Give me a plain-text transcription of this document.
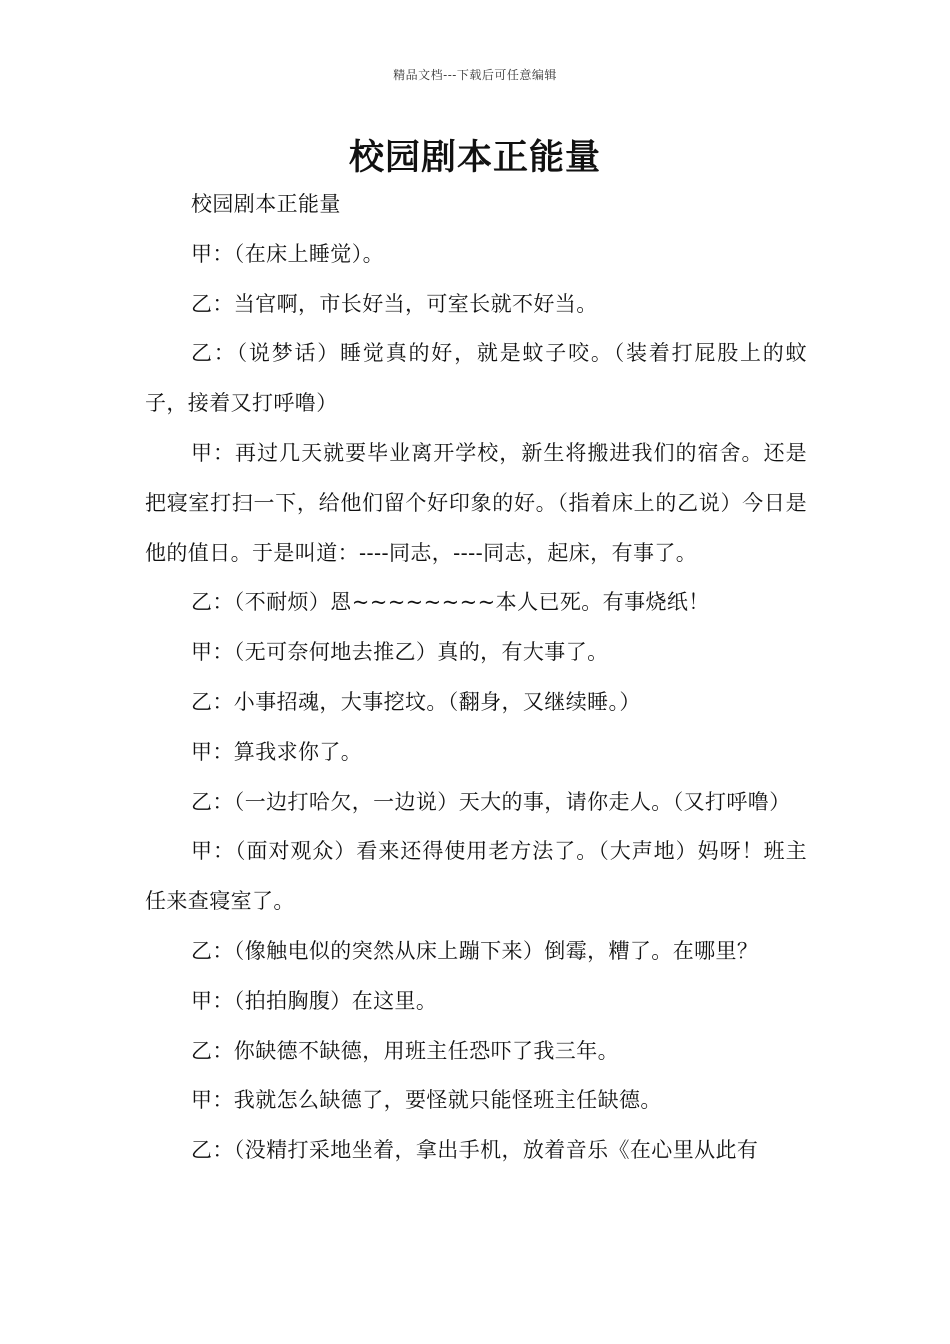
精品文档---下载后可任意编辑
校园剧本正能量

校园剧本正能量

甲：（在床上睡觉）。

乙：当官啊，市长好当，可室长就不好当。

乙：（说梦话）睡觉真的好，就是蚊子咬。（装着打屁股上的蚊子，接着又打呼噜）

甲：再过几天就要毕业离开学校，新生将搬进我们的宿舍。还是把寝室打扫一下，给他们留个好印象的好。（指着床上的乙说）今日是他的值日。于是叫道：----同志，----同志，起床，有事了。

乙：（不耐烦）恩~~~~~~~~本人已死。有事烧纸！

甲：（无可奈何地去推乙）真的，有大事了。

乙：小事招魂，大事挖坟。（翻身，又继续睡。）

甲：算我求你了。

乙：（一边打哈欠，一边说）天大的事，请你走人。（又打呼噜）

甲：（面对观众）看来还得使用老方法了。（大声地）妈呀！班主任来查寝室了。

乙：（像触电似的突然从床上蹦下来）倒霉，糟了。在哪里？

甲：（拍拍胸腹）在这里。

乙：你缺德不缺德，用班主任恐吓了我三年。

甲：我就怎么缺德了，要怪就只能怪班主任缺德。

乙：（没精打采地坐着，拿出手机，放着音乐《在心里从此有
